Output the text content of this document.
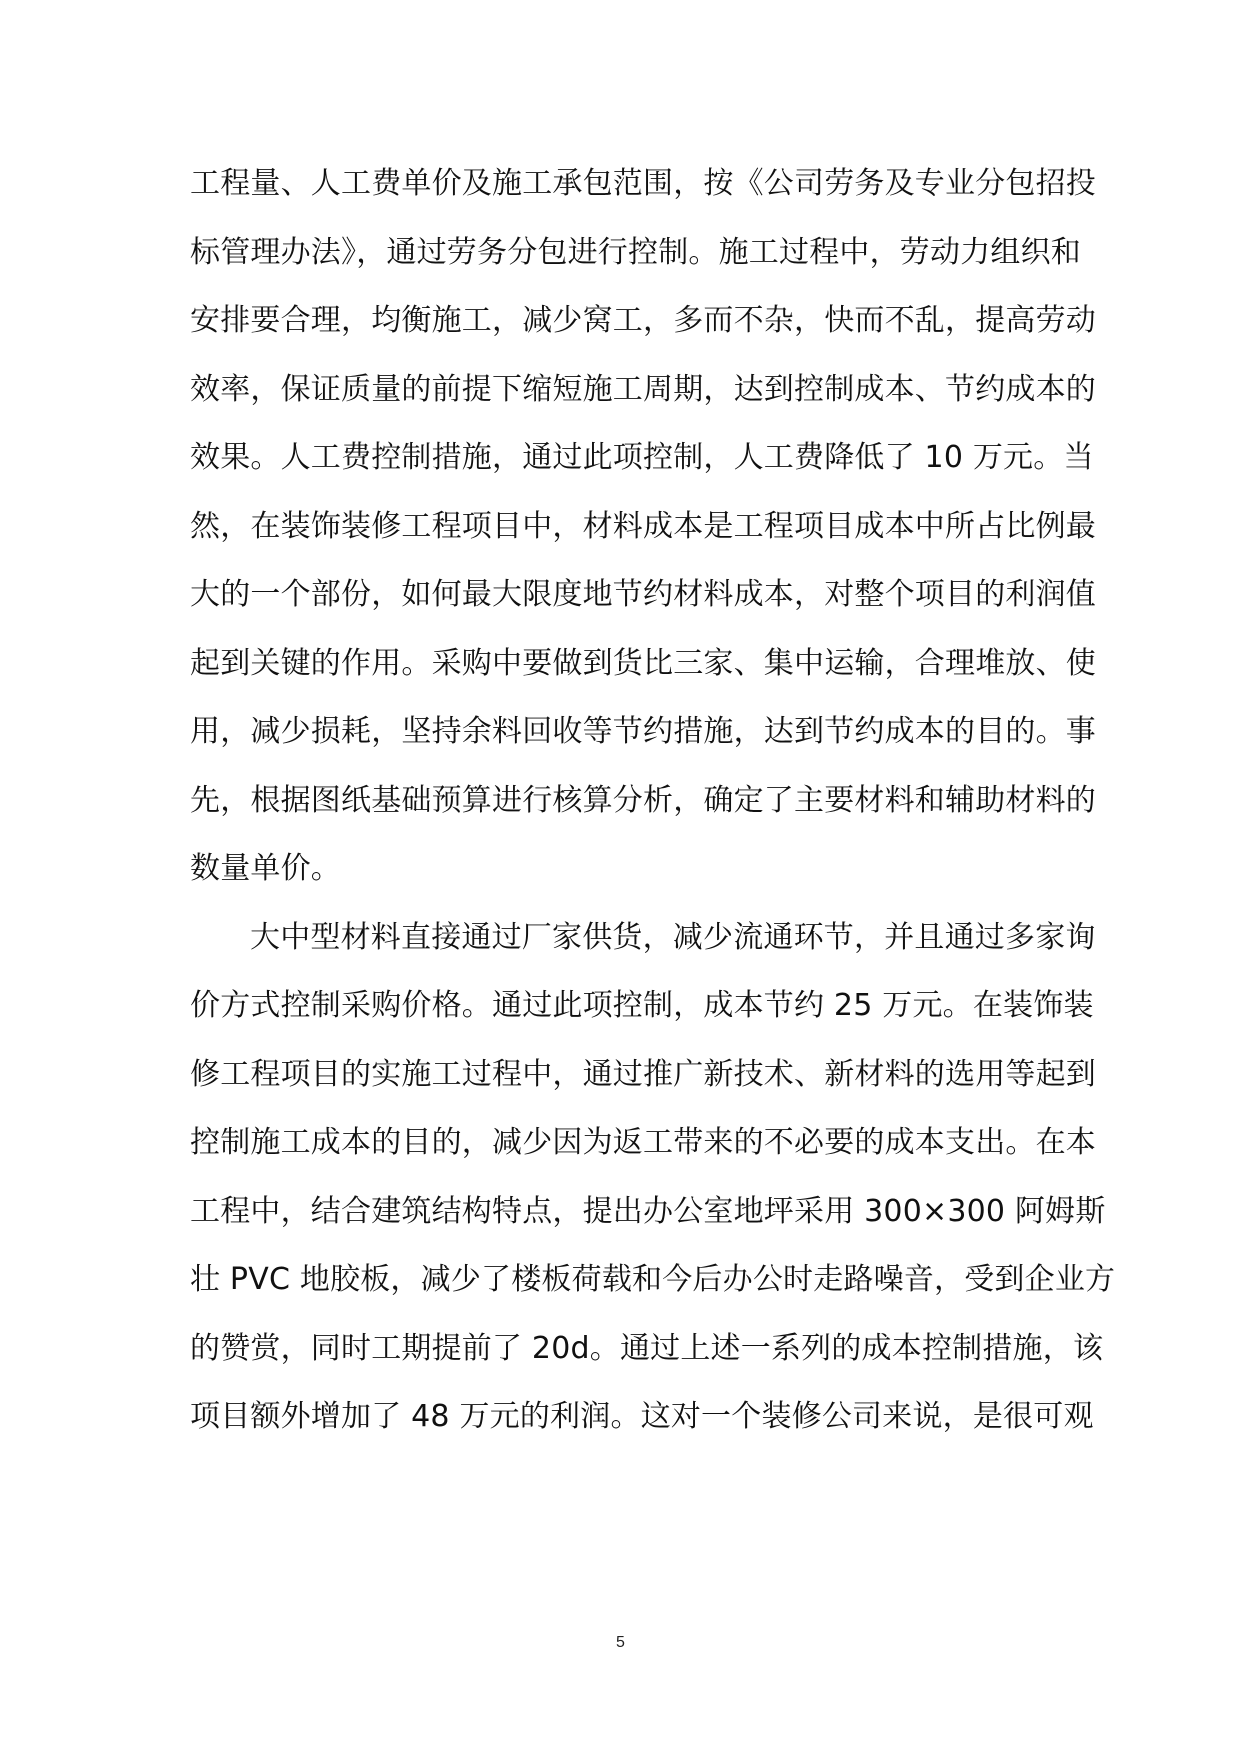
工程量、人工费单价及施工承包范围，按《公司劳务及专业分包招投
标管理办法》，通过劳务分包进行控制。施工过程中，劳动力组织和
安排要合理，均衡施工，减少窝工，多而不杂，快而不乱，提高劳动
效率，保证质量的前提下缩短施工周期，达到控制成本、节约成本的
效果。人工费控制措施，通过此项控制，人工费降低了 10 万元。当
然，在装饰装修工程项目中，材料成本是工程项目成本中所占比例最
大的一个部份，如何最大限度地节约材料成本，对整个项目的利润值
起到关键的作用。采购中要做到货比三家、集中运输，合理堆放、使
用，减少损耗，坚持余料回收等节约措施，达到节约成本的目的。事
先，根据图纸基础预算进行核算分析，确定了主要材料和辅助材料的
数量单价。
大中型材料直接通过厂家供货，减少流通环节，并且通过多家询
价方式控制采购价格。通过此项控制，成本节约 25 万元。在装饰装
修工程项目的实施工过程中，通过推广新技术、新材料的选用等起到
控制施工成本的目的，减少因为返工带来的不必要的成本支出。在本
工程中，结合建筑结构特点，提出办公室地坪采用 300×300 阿姆斯
壮 PVC 地胶板，减少了楼板荷载和今后办公时走路噪音，受到企业方
的赞赏，同时工期提前了 20d。通过上述一系列的成本控制措施，该
项目额外增加了 48 万元的利润。这对一个装修公司来说，是很可观
5
